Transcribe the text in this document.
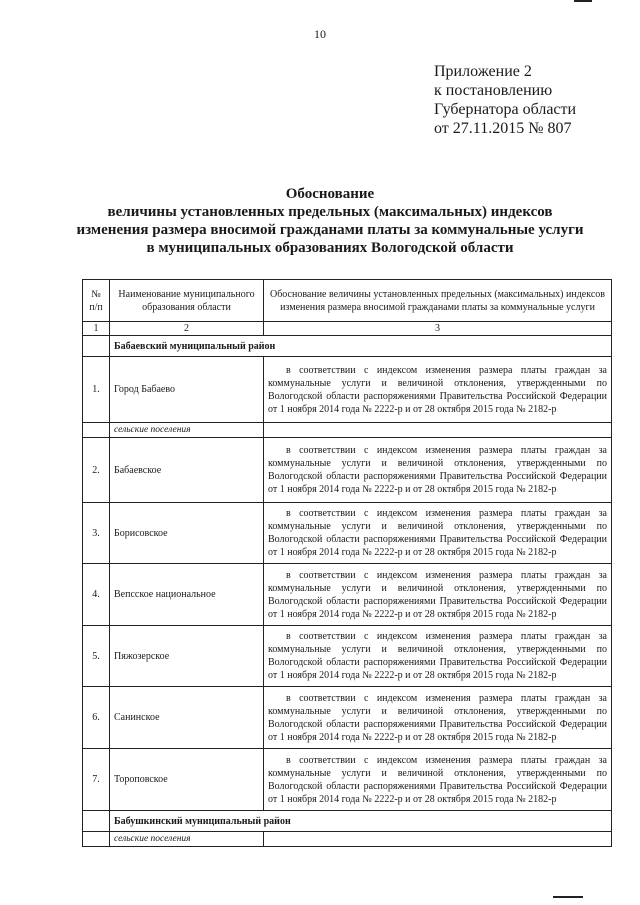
10
Приложение 2
к постановлению
Губернатора области
от 27.11.2015 № 807
Обоснование
величины установленных предельных (максимальных) индексов
изменения размера вносимой гражданами платы за коммунальные услуги
в муниципальных образованиях Вологодской области
№ п/п	Наименование муниципального образования области	Обоснование величины установленных предельных (максимальных) индексов изменения размера вносимой гражданами платы за коммунальные услуги
1	2	3
	Бабаевский муниципальный район	
1.	Город Бабаево	в соответствии с индексом изменения размера платы граждан за коммунальные услуги и величиной отклонения, утвержденными по Вологодской области распоряжениями Правительства Российской Федерации от 1 ноября 2014 года № 2222-р и от 28 октября 2015 года № 2182-р

	сельские поселения	
2.	Бабаевское	в соответствии с индексом изменения размера платы граждан за коммунальные услуги и величиной отклонения, утвержденными по Вологодской области распоряжениями Правительства Российской Федерации от 1 ноября 2014 года № 2222-р и от 28 октября 2015 года № 2182-р

3.	Борисовское	в соответствии с индексом изменения размера платы граждан за коммунальные услуги и величиной отклонения, утвержденными по Вологодской области распоряжениями Правительства Российской Федерации от 1 ноября 2014 года № 2222-р и от 28 октября 2015 года № 2182-р

4.	Вепсское национальное	в соответствии с индексом изменения размера платы граждан за коммунальные услуги и величиной отклонения, утвержденными по Вологодской области распоряжениями Правительства Российской Федерации от 1 ноября 2014 года № 2222-р и от 28 октября 2015 года № 2182-р

5.	Пяжозерское	в соответствии с индексом изменения размера платы граждан за коммунальные услуги и величиной отклонения, утвержденными по Вологодской области распоряжениями Правительства Российской Федерации от 1 ноября 2014 года № 2222-р и от 28 октября 2015 года № 2182-р

6.	Санинское	в соответствии с индексом изменения размера платы граждан за коммунальные услуги и величиной отклонения, утвержденными по Вологодской области распоряжениями Правительства Российской Федерации от 1 ноября 2014 года № 2222-р и от 28 октября 2015 года № 2182-р

7.	Тороповское	в соответствии с индексом изменения размера платы граждан за коммунальные услуги и величиной отклонения, утвержденными по Вологодской области распоряжениями Правительства Российской Федерации от 1 ноября 2014 года № 2222-р и от 28 октября 2015 года № 2182-р

	Бабушкинский муниципальный район	
	сельские поселения	
